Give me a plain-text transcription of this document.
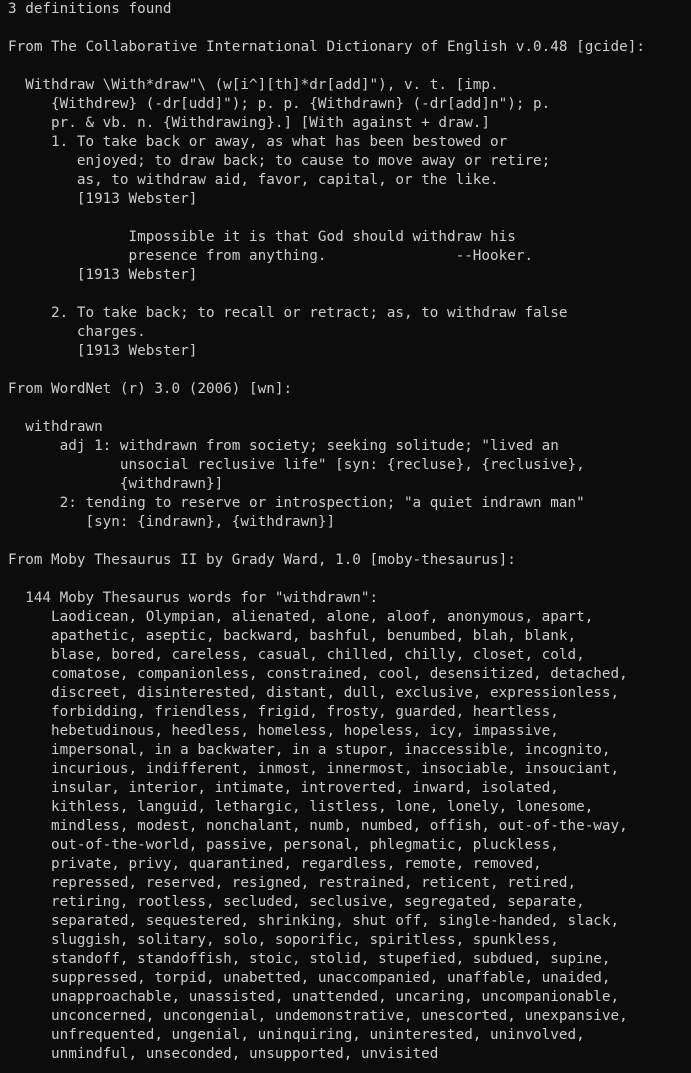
3 definitions found
From The Collaborative International Dictionary of English v.0.48 [gcide]:
Withdraw \With*draw"\ (w[i^][th]*dr[add]"), v. t. [imp.
{Withdrew} (-dr[udd]"); p. p. {Withdrawn} (-dr[add]n"); p.
pr. & vb. n. {Withdrawing}.] [With against + draw.]
1. To take back or away, as what has been bestowed or
enjoyed; to draw back; to cause to move away or retire;
as, to withdraw aid, favor, capital, or the like.
[1913 Webster]
Impossible it is that God should withdraw his
presence from anything.               --Hooker.
[1913 Webster]
2. To take back; to recall or retract; as, to withdraw false
charges.
[1913 Webster]
From WordNet (r) 3.0 (2006) [wn]:
withdrawn
adj 1: withdrawn from society; seeking solitude; "lived an
unsocial reclusive life" [syn: {recluse}, {reclusive},
{withdrawn}]
2: tending to reserve or introspection; "a quiet indrawn man"
[syn: {indrawn}, {withdrawn}]
From Moby Thesaurus II by Grady Ward, 1.0 [moby-thesaurus]:
144 Moby Thesaurus words for "withdrawn":
Laodicean, Olympian, alienated, alone, aloof, anonymous, apart,
apathetic, aseptic, backward, bashful, benumbed, blah, blank,
blase, bored, careless, casual, chilled, chilly, closet, cold,
comatose, companionless, constrained, cool, desensitized, detached,
discreet, disinterested, distant, dull, exclusive, expressionless,
forbidding, friendless, frigid, frosty, guarded, heartless,
hebetudinous, heedless, homeless, hopeless, icy, impassive,
impersonal, in a backwater, in a stupor, inaccessible, incognito,
incurious, indifferent, inmost, innermost, insociable, insouciant,
insular, interior, intimate, introverted, inward, isolated,
kithless, languid, lethargic, listless, lone, lonely, lonesome,
mindless, modest, nonchalant, numb, numbed, offish, out-of-the-way,
out-of-the-world, passive, personal, phlegmatic, pluckless,
private, privy, quarantined, regardless, remote, removed,
repressed, reserved, resigned, restrained, reticent, retired,
retiring, rootless, secluded, seclusive, segregated, separate,
separated, sequestered, shrinking, shut off, single-handed, slack,
sluggish, solitary, solo, soporific, spiritless, spunkless,
standoff, standoffish, stoic, stolid, stupefied, subdued, supine,
suppressed, torpid, unabetted, unaccompanied, unaffable, unaided,
unapproachable, unassisted, unattended, uncaring, uncompanionable,
unconcerned, uncongenial, undemonstrative, unescorted, unexpansive,
unfrequented, ungenial, uninquiring, uninterested, uninvolved,
unmindful, unseconded, unsupported, unvisited
